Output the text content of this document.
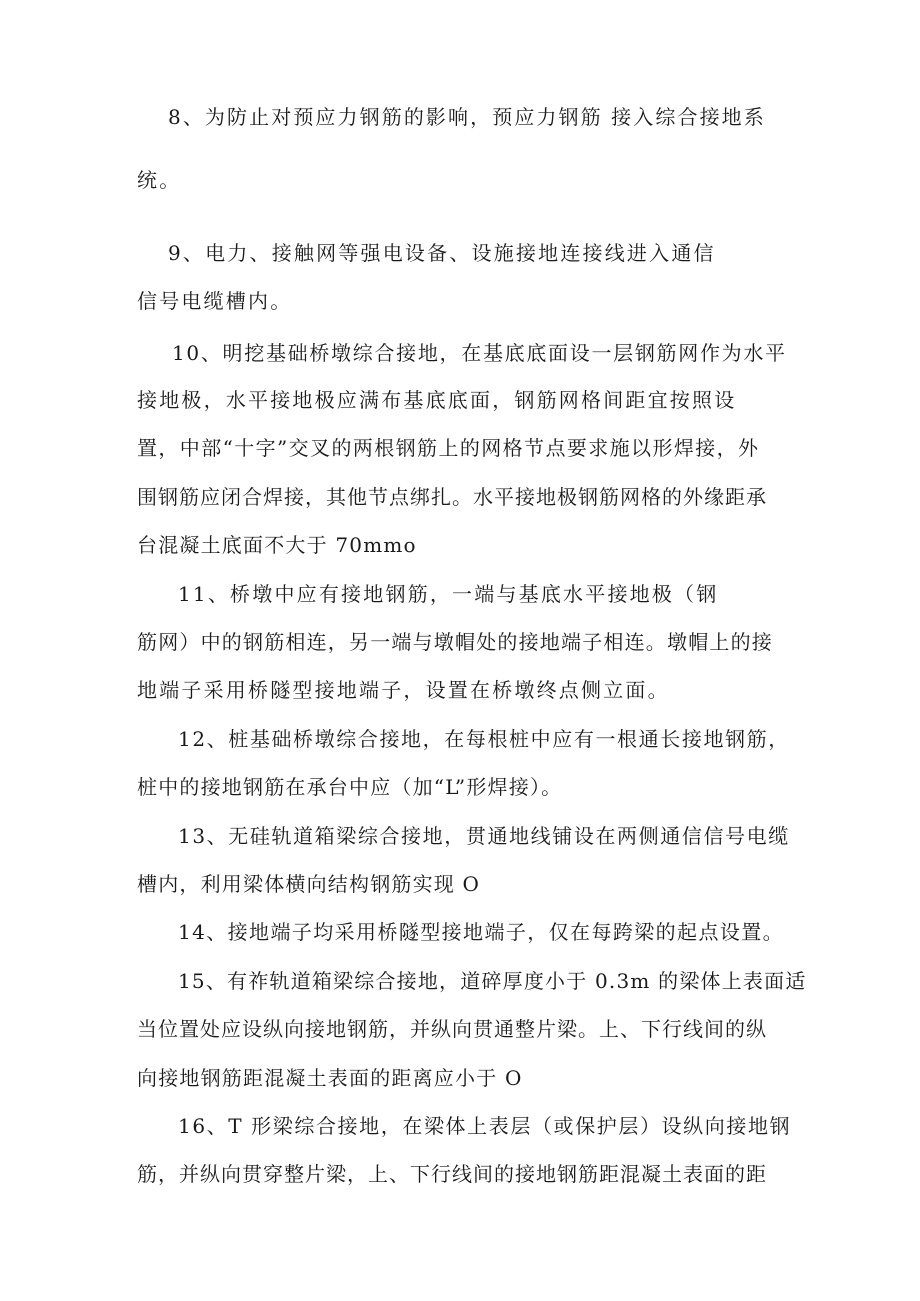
8、为防止对预应力钢筋的影响，预应力钢筋 接入综合接地系
统。
9、电力、接触网等强电设备、设施接地连接线进入通信
信号电缆槽内。
10、明挖基础桥墩综合接地，在基底底面设一层钢筋网作为水平
接地极，水平接地极应满布基底底面，钢筋网格间距宜按照设
置，中部“十字”交叉的两根钢筋上的网格节点要求施以形焊接，外
围钢筋应闭合焊接，其他节点绑扎。水平接地极钢筋网格的外缘距承
台混凝土底面不大于 70mmo
11、桥墩中应有接地钢筋，一端与基底水平接地极（钢
筋网）中的钢筋相连，另一端与墩帽处的接地端子相连。墩帽上的接
地端子采用桥隧型接地端子，设置在桥墩终点侧立面。
12、桩基础桥墩综合接地，在每根桩中应有一根通长接地钢筋，
桩中的接地钢筋在承台中应（加“L”形焊接）。
13、无硅轨道箱梁综合接地，贯通地线铺设在两侧通信信号电缆
槽内，利用梁体横向结构钢筋实现 O
14、接地端子均采用桥隧型接地端子，仅在每跨梁的起点设置。
15、有祚轨道箱梁综合接地，道碎厚度小于 0.3m 的梁体上表面适
当位置处应设纵向接地钢筋，并纵向贯通整片梁。上、下行线间的纵
向接地钢筋距混凝土表面的距离应小于 O
16、T 形梁综合接地，在梁体上表层（或保护层）设纵向接地钢
筋，并纵向贯穿整片梁，上、下行线间的接地钢筋距混凝土表面的距
